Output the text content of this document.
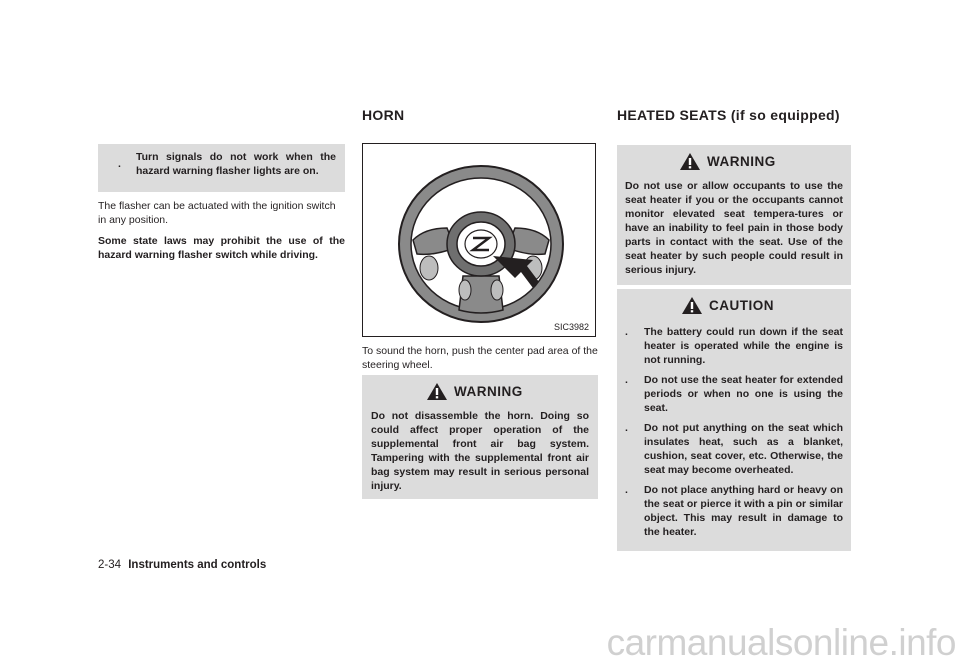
.
Turn signals do not work when the hazard warning flasher lights are on.

The flasher can be actuated with the ignition switch in any position.

Some state laws may prohibit the use of the hazard warning flasher switch while driving.

HORN
SIC3982

To sound the horn, push the center pad area of the steering wheel.

WARNING
Do not disassemble the horn. Doing so could affect proper operation of the supplemental front air bag system. Tampering with the supplemental front air bag system may result in serious personal injury.
HEATED SEATS (if so equipped)
WARNING
Do not use or allow occupants to use the seat heater if you or the occupants cannot monitor elevated seat tempera-tures or have an inability to feel pain in those body parts in contact with the seat. Use of the seat heater by such people could result in serious injury.
CAUTION
. The battery could run down if the seat heater is operated while the engine is not running.
. Do not use the seat heater for extended periods or when no one is using the seat.
. Do not put anything on the seat which insulates heat, such as a blanket, cushion, seat cover, etc. Otherwise, the seat may become overheated.
. Do not place anything hard or heavy on the seat or pierce it with a pin or similar object. This may result in damage to the heater.
2-34 Instruments and controls
carmanualsonline.info
